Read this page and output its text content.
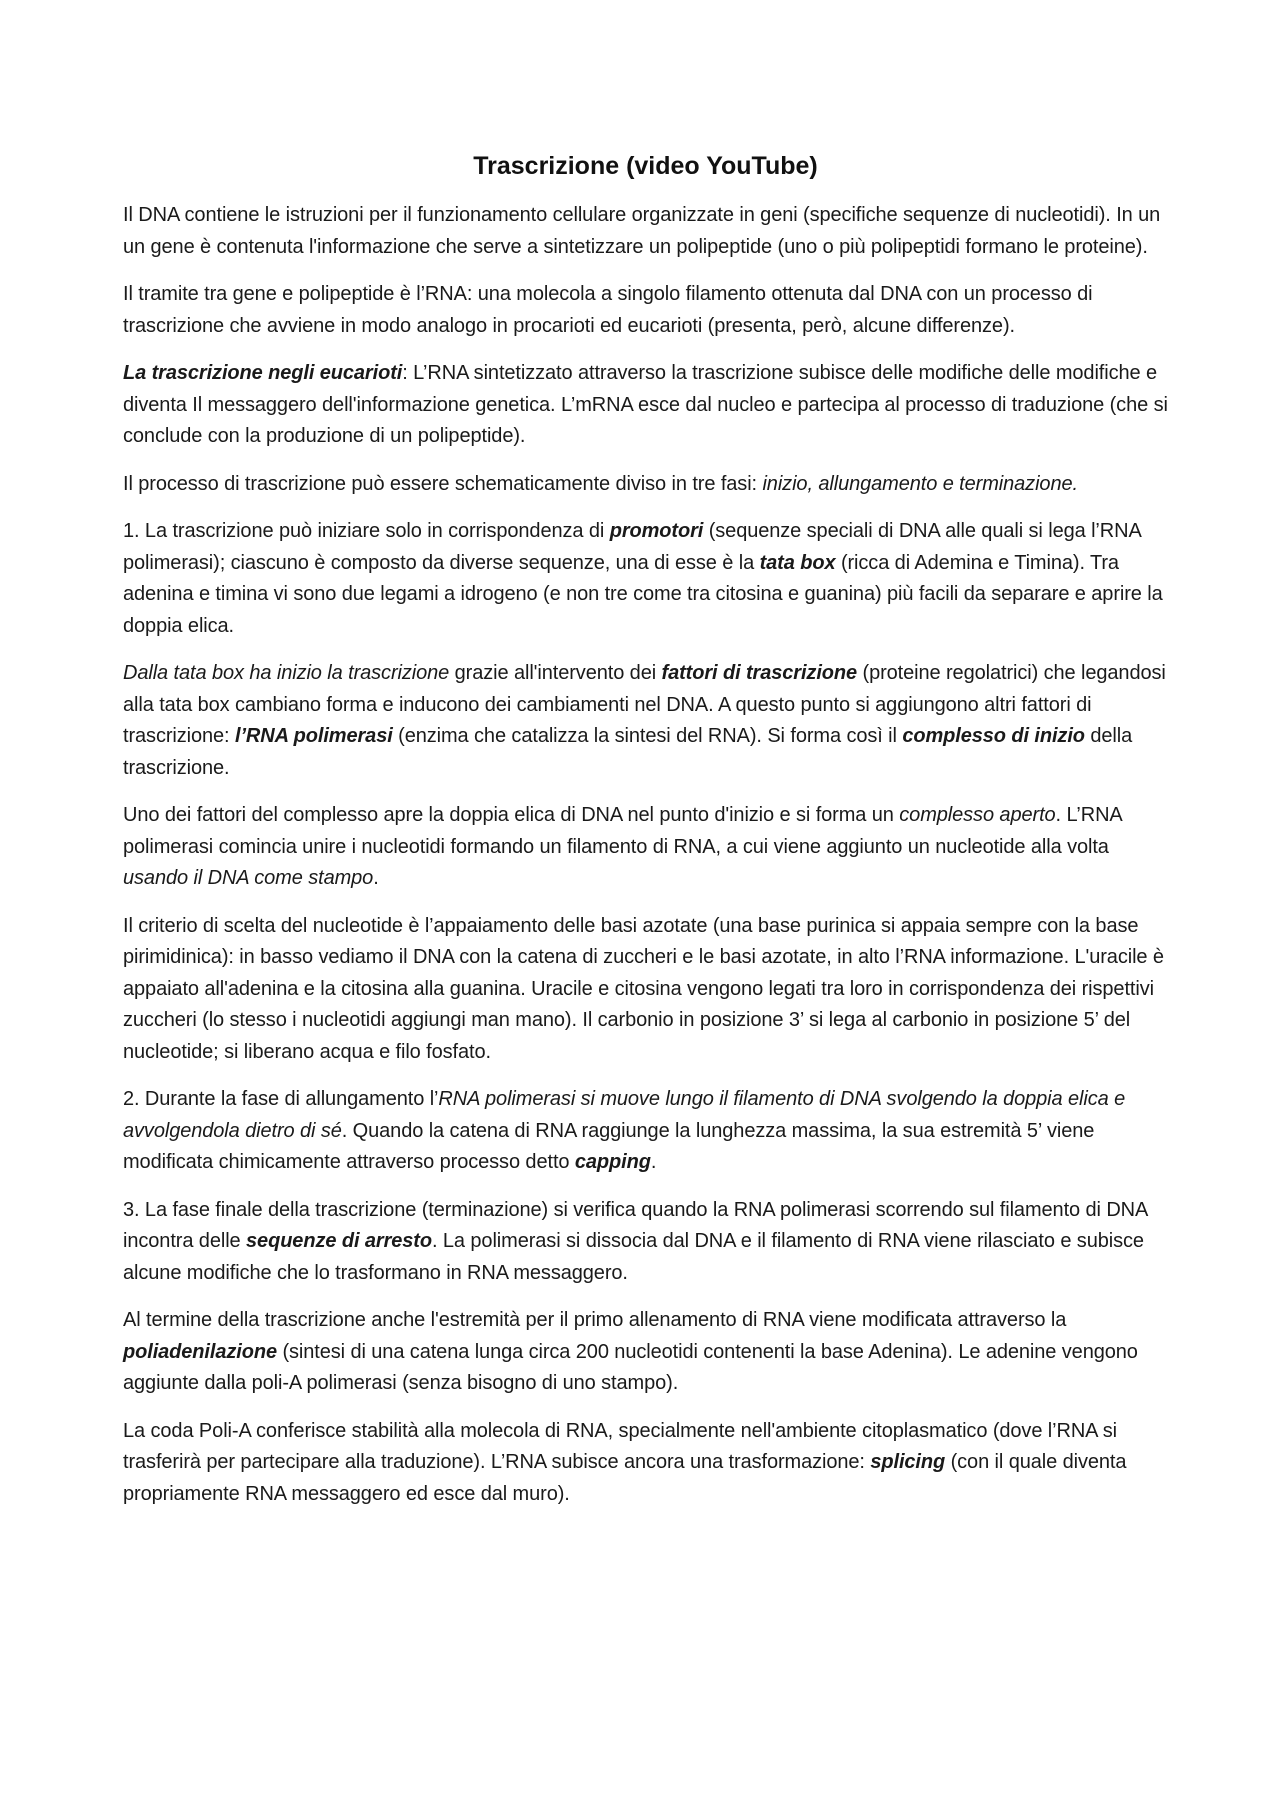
Trascrizione (video YouTube)

Il DNA contiene le istruzioni per il funzionamento cellulare organizzate in geni (specifiche sequenze di nucleotidi). In un un gene è contenuta l'informazione che serve a sintetizzare un polipeptide (uno o più polipeptidi formano le proteine).

Il tramite tra gene e polipeptide è l’RNA: una molecola a singolo filamento ottenuta dal DNA con un processo di trascrizione che avviene in modo analogo in procarioti ed eucarioti (presenta, però, alcune differenze).

La trascrizione negli eucarioti: L’RNA sintetizzato attraverso la trascrizione subisce delle modifiche delle modifiche e diventa Il messaggero dell'informazione genetica. L’mRNA esce dal nucleo e partecipa al processo di traduzione (che si conclude con la produzione di un polipeptide).

Il processo di trascrizione può essere schematicamente diviso in tre fasi: inizio, allungamento e terminazione.

1. La trascrizione può iniziare solo in corrispondenza di promotori (sequenze speciali di DNA alle quali si lega l’RNA polimerasi); ciascuno è composto da diverse sequenze, una di esse è la tata box (ricca di Ademina e Timina). Tra adenina e timina vi sono due legami a idrogeno (e non tre come tra citosina e guanina) più facili da separare e aprire la doppia elica.

Dalla tata box ha inizio la trascrizione grazie all'intervento dei fattori di trascrizione (proteine regolatrici) che legandosi alla tata box cambiano forma e inducono dei cambiamenti nel DNA. A questo punto si aggiungono altri fattori di trascrizione: l’RNA polimerasi (enzima che catalizza la sintesi del RNA). Si forma così il complesso di inizio della trascrizione.

Uno dei fattori del complesso apre la doppia elica di DNA nel punto d'inizio e si forma un complesso aperto. L’RNA polimerasi comincia unire i nucleotidi formando un filamento di RNA, a cui viene aggiunto un nucleotide alla volta usando il DNA come stampo.

Il criterio di scelta del nucleotide è l’appaiamento delle basi azotate (una base purinica si appaia sempre con la base pirimidinica): in basso vediamo il DNA con la catena di zuccheri e le basi azotate, in alto l’RNA informazione. L'uracile è appaiato all'adenina e la citosina alla guanina. Uracile e citosina vengono legati tra loro in corrispondenza dei rispettivi zuccheri (lo stesso i nucleotidi aggiungi man mano). Il carbonio in posizione 3’ si lega al carbonio in posizione 5’ del nucleotide; si liberano acqua e filo fosfato.

2. Durante la fase di allungamento l’RNA polimerasi si muove lungo il filamento di DNA svolgendo la doppia elica e avvolgendola dietro di sé. Quando la catena di RNA raggiunge la lunghezza massima, la sua estremità 5’ viene modificata chimicamente attraverso processo detto capping.

3. La fase finale della trascrizione (terminazione) si verifica quando la RNA polimerasi scorrendo sul filamento di DNA incontra delle sequenze di arresto. La polimerasi si dissocia dal DNA e il filamento di RNA viene rilasciato e subisce alcune modifiche che lo trasformano in RNA messaggero.

Al termine della trascrizione anche l'estremità per il primo allenamento di RNA viene modificata attraverso la poliadenilazione (sintesi di una catena lunga circa 200 nucleotidi contenenti la base Adenina). Le adenine vengono aggiunte dalla poli-A polimerasi (senza bisogno di uno stampo).

La coda Poli-A conferisce stabilità alla molecola di RNA, specialmente nell'ambiente citoplasmatico (dove l’RNA si trasferirà per partecipare alla traduzione). L’RNA subisce ancora una trasformazione: splicing (con il quale diventa propriamente RNA messaggero ed esce dal muro).
